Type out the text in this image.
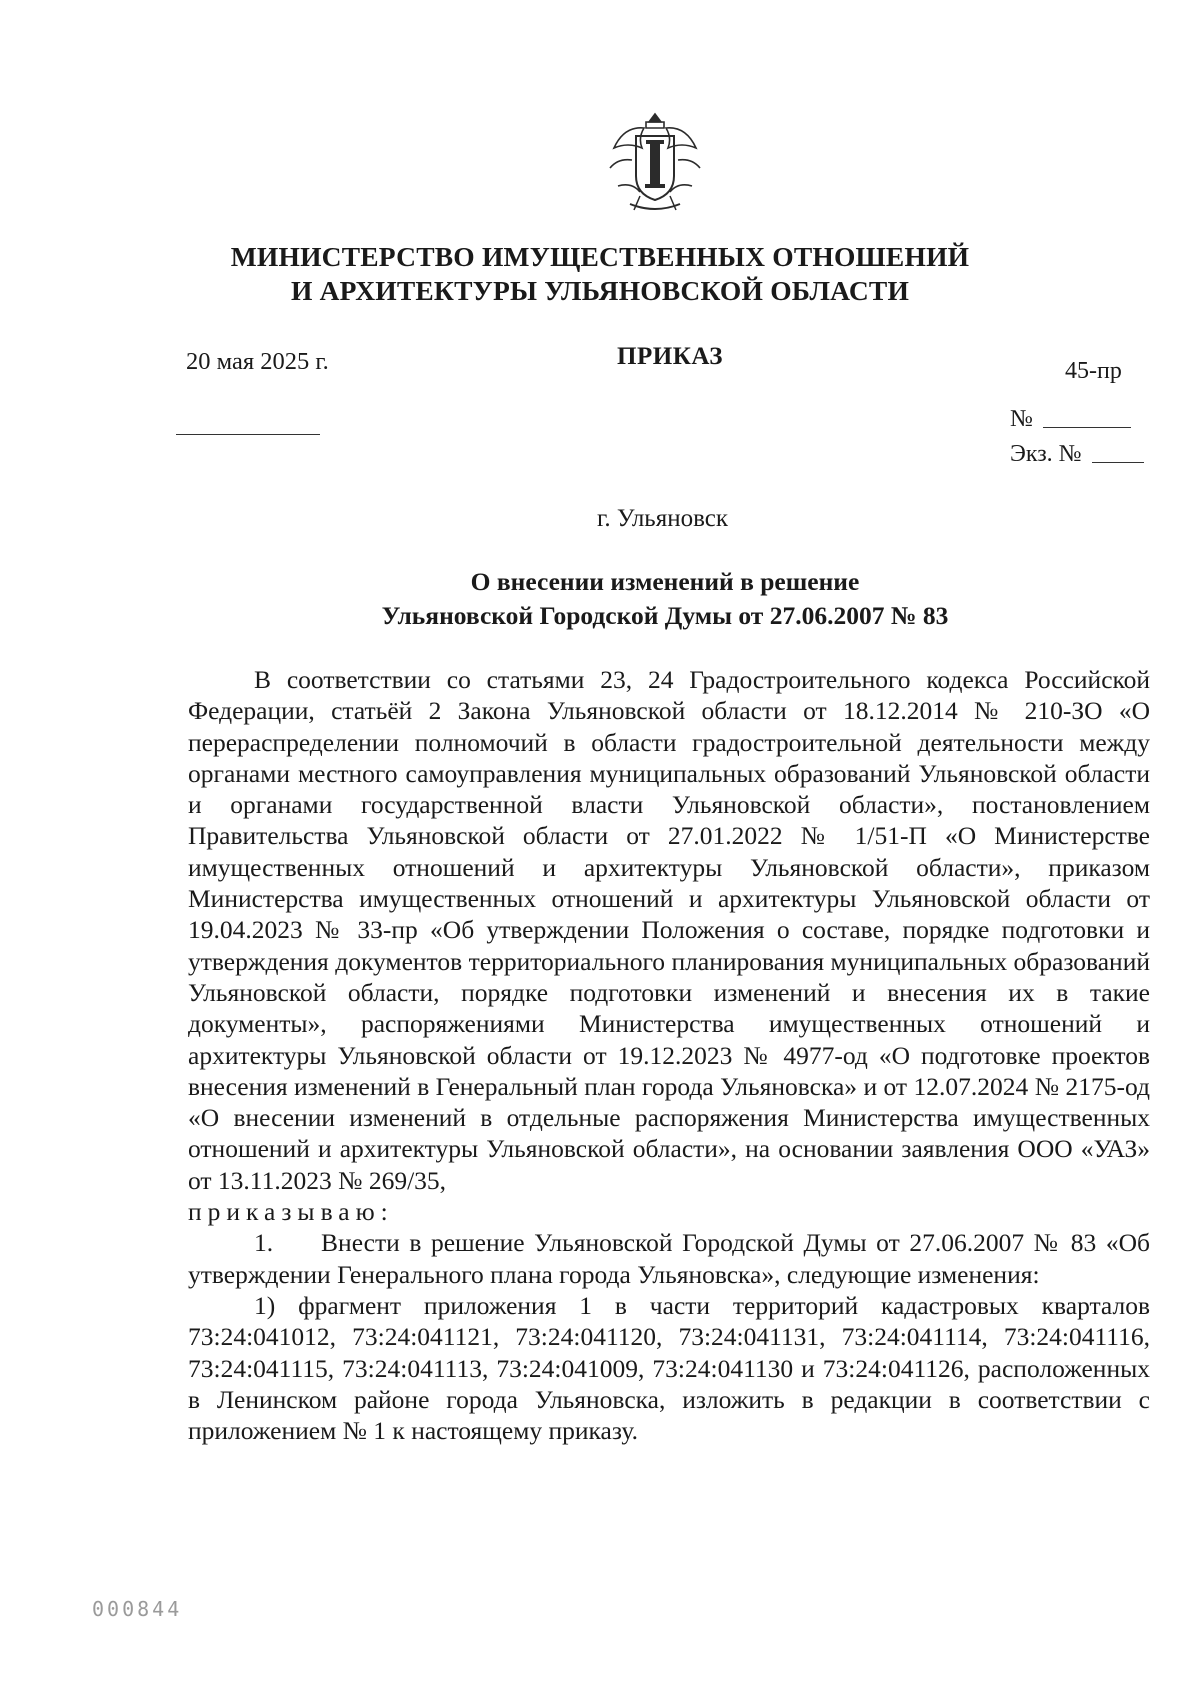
МИНИСТЕРСТВО ИМУЩЕСТВЕННЫХ ОТНОШЕНИЙ
И АРХИТЕКТУРЫ УЛЬЯНОВСКОЙ ОБЛАСТИ
20 мая 2025 г.	ПРИКАЗ
45-пр
№
Экз. №
г. Ульяновск
О внесении изменений в решение
Ульяновской Городской Думы от 27.06.2007 № 83

В соответствии со статьями 23, 24 Градостроительного кодекса Российской Федерации, статьёй 2 Закона Ульяновской области от 18.12.2014 № 210-ЗО «О перераспределении полномочий в области градостроительной деятельности между органами местного самоуправления муниципальных образований Ульяновской области и органами государственной власти Ульяновской области», постановлением Правительства Ульяновской области от 27.01.2022 № 1/51-П «О Министерстве имущественных отношений и архитектуры Ульяновской области», приказом Министерства имущественных отношений и архитектуры Ульяновской области от 19.04.2023 № 33-пр «Об утверждении Положения о составе, порядке подготовки и утверждения документов территориального планирования муниципальных образований Ульяновской области, порядке подготовки изменений и внесения их в такие документы», распоряжениями Министерства имущественных отношений и архитектуры Ульяновской области от 19.12.2023 № 4977-од «О подготовке проектов внесения изменений в Генеральный план города Ульяновска» и от 12.07.2024 № 2175-од «О внесении изменений в отдельные распоряжения Министерства имущественных отношений и архитектуры Ульяновской области», на основании заявления ООО «УАЗ» от 13.11.2023 № 269/35,
приказываю:

1.     Внести в решение Ульяновской Городской Думы от 27.06.2007 № 83 «Об утверждении Генерального плана города Ульяновска», следующие изменения:

1) фрагмент приложения 1 в части территорий кадастровых кварталов 73:24:041012, 73:24:041121, 73:24:041120, 73:24:041131, 73:24:041114, 73:24:041116, 73:24:041115, 73:24:041113, 73:24:041009, 73:24:041130 и 73:24:041126, расположенных в Ленинском районе города Ульяновска, изложить в редакции в соответствии с приложением № 1 к настоящему приказу.

000844
